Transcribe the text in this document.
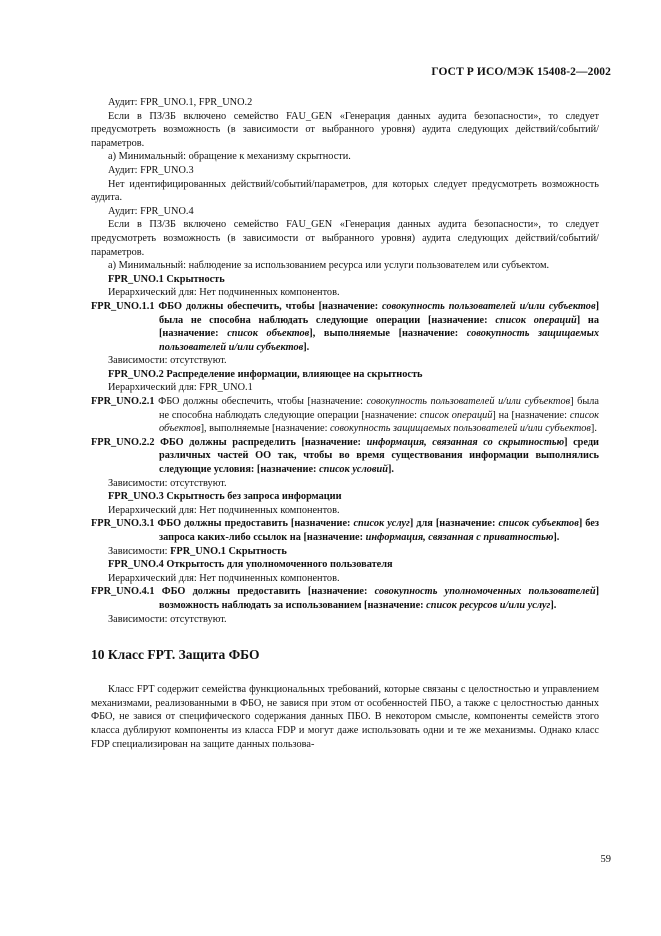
ГОСТ Р ИСО/МЭК 15408-2—2002

Аудит: FPR_UNO.1, FPR_UNO.2

Если в ПЗ/ЗБ включено семейство FAU_GEN «Генерация данных аудита безопасности», то следует предусмотреть возможность (в зависимости от выбранного уровня) аудита следующих действий/событий/параметров.

а) Минимальный: обращение к механизму скрытности.

Аудит: FPR_UNO.3

Нет идентифицированных действий/событий/параметров, для которых следует предусмотреть возможность аудита.

Аудит: FPR_UNO.4

Если в ПЗ/ЗБ включено семейство FAU_GEN «Генерация данных аудита безопасности», то следует предусмотреть возможность (в зависимости от выбранного уровня) аудита следующих действий/событий/параметров.

а) Минимальный: наблюдение за использованием ресурса или услуги пользователем или субъектом.

FPR_UNO.1 Скрытность

Иерархический для: Нет подчиненных компонентов.

FPR_UNO.1.1 ФБО должны обеспечить, чтобы [назначение: совокупность пользователей и/или субъектов] была не способна наблюдать следующие операции [назначение: список операций] на [назначение: список объектов], выполняемые [назначение: совокупность защищаемых пользователей и/или субъектов].

Зависимости: отсутствуют.

FPR_UNO.2 Распределение информации, влияющее на скрытность

Иерархический для: FPR_UNO.1

FPR_UNO.2.1 ФБО должны обеспечить, чтобы [назначение: совокупность пользователей и/или субъектов] была не способна наблюдать следующие операции [назначение: список операций] на [назначение: список объектов], выполняемые [назначение: совокупность защищаемых пользователей и/или субъектов].

FPR_UNO.2.2 ФБО должны распределить [назначение: информация, связанная со скрытностью] среди различных частей ОО так, чтобы во время существования информации выполнялись следующие условия: [назначение: список условий].

Зависимости: отсутствуют.

FPR_UNO.3 Скрытность без запроса информации

Иерархический для: Нет подчиненных компонентов.

FPR_UNO.3.1 ФБО должны предоставить [назначение: список услуг] для [назначение: список субъектов] без запроса каких-либо ссылок на [назначение: информация, связанная с приватностью].

Зависимости: FPR_UNO.1 Скрытность

FPR_UNO.4 Открытость для уполномоченного пользователя

Иерархический для: Нет подчиненных компонентов.

FPR_UNO.4.1 ФБО должны предоставить [назначение: совокупность уполномоченных пользователей] возможность наблюдать за использованием [назначение: список ресурсов и/или услуг].

Зависимости: отсутствуют.

10 Класс FPT. Защита ФБО

Класс FPT содержит семейства функциональных требований, которые связаны с целостностью и управлением механизмами, реализованными в ФБО, не завися при этом от особенностей ПБО, а также с целостностью данных ФБО, не завися от специфического содержания данных ПБО. В некотором смысле, компоненты семейств этого класса дублируют компоненты из класса FDP и могут даже использовать одни и те же механизмы. Однако класс FDP специализирован на защите данных пользова-

59
